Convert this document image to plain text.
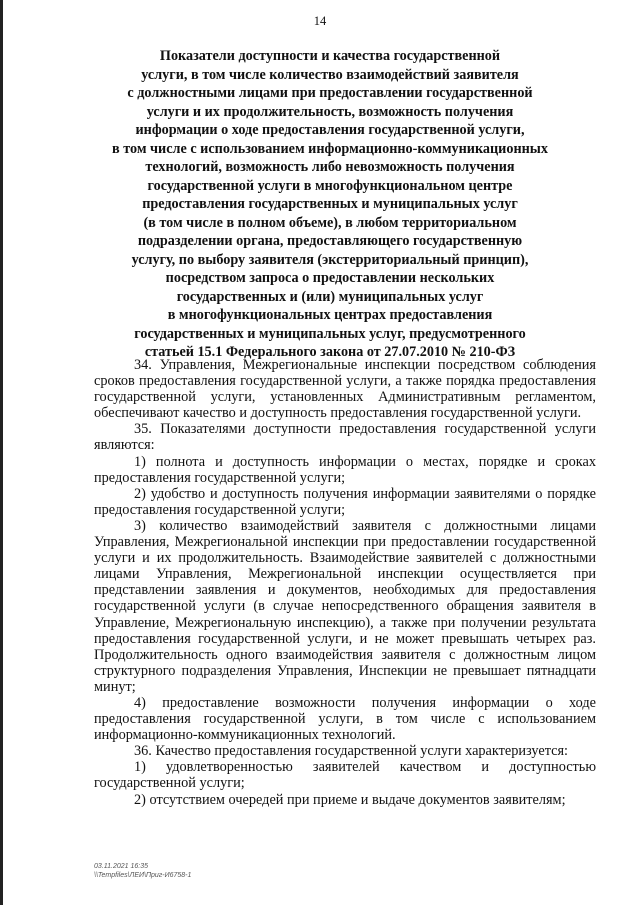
14
Показатели доступности и качества государственной
услуги, в том числе количество взаимодействий заявителя
с должностными лицами при предоставлении государственной
услуги и их продолжительность, возможность получения
информации о ходе предоставления государственной услуги,
в том числе с использованием информационно-коммуникационных
технологий, возможность либо невозможность получения
государственной услуги в многофункциональном центре
предоставления государственных и муниципальных услуг
(в том числе в полном объеме), в любом территориальном
подразделении органа, предоставляющего государственную
услугу, по выбору заявителя (экстерриториальный принцип),
посредством запроса о предоставлении нескольких
государственных и (или) муниципальных услуг
в многофункциональных центрах предоставления
государственных и муниципальных услуг, предусмотренного
статьей 15.1 Федерального закона от 27.07.2010 № 210-ФЗ

34. Управления, Межрегиональные инспекции посредством соблюдения сроков предоставления государственной услуги, а также порядка предоставления государственной услуги, установленных Административным регламентом, обеспечивают качество и доступность предоставления государственной услуги.

35. Показателями доступности предоставления государственной услуги являются:

1) полнота и доступность информации о местах, порядке и сроках предоставления государственной услуги;

2) удобство и доступность получения информации заявителями о порядке предоставления государственной услуги;

3) количество взаимодействий заявителя с должностными лицами Управления, Межрегиональной инспекции при предоставлении государственной услуги и их продолжительность. Взаимодействие заявителей с должностными лицами Управления, Межрегиональной инспекции осуществляется при представлении заявления и документов, необходимых для предоставления государственной услуги (в случае непосредственного обращения заявителя в Управление, Межрегиональную инспекцию), а также при получении результата предоставления государственной услуги, и не может превышать четырех раз. Продолжительность одного взаимодействия заявителя с должностным лицом структурного подразделения Управления, Инспекции не превышает пятнадцати минут;

4) предоставление возможности получения информации о ходе предоставления государственной услуги, в том числе с использованием информационно-коммуникационных технологий.

36. Качество предоставления государственной услуги характеризуется:

1) удовлетворенностью заявителей качеством и доступностью государственной услуги;

2) отсутствием очередей при приеме и выдаче документов заявителям;

03.11.2021 16:35
\\Tempfiles\ЛЕИ\Приг-И6758-1
